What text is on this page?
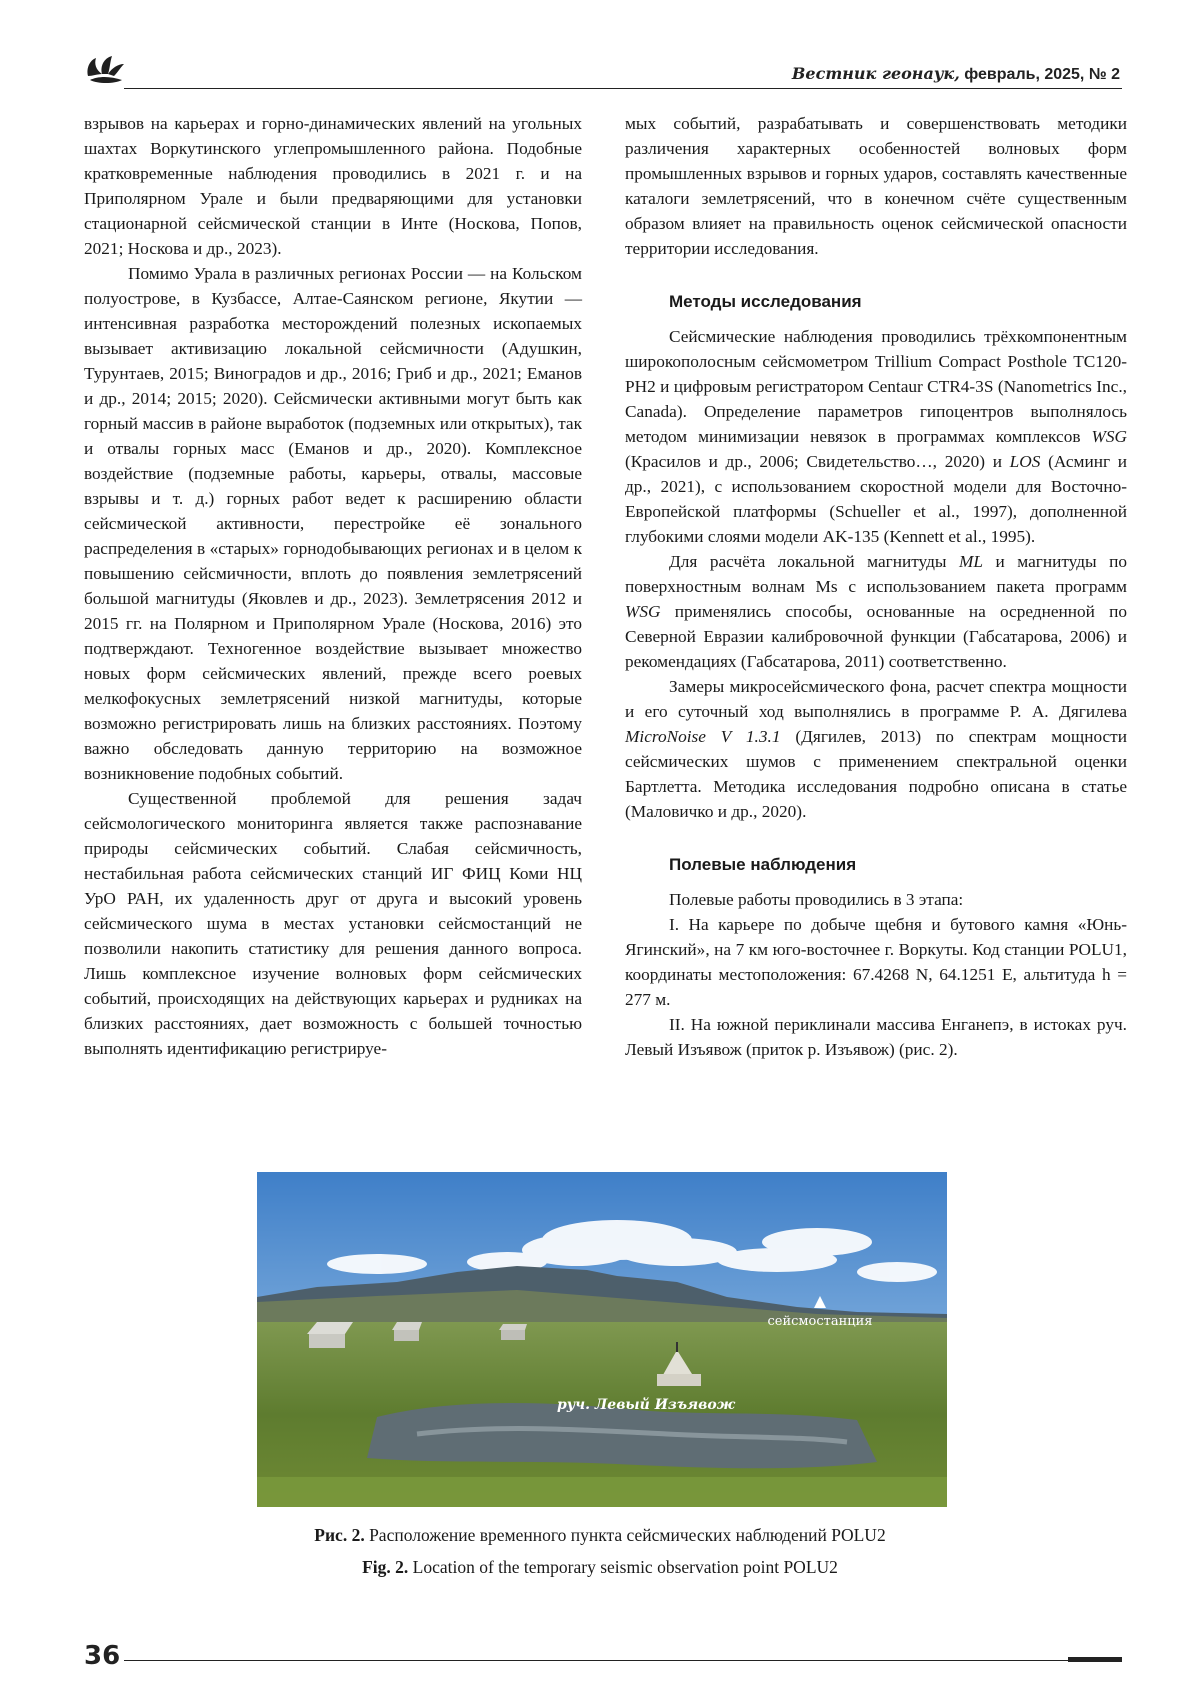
Вестник геонаук, февраль, 2025, № 2

взрывов на карьерах и горно-динамических явлений на угольных шахтах Воркутинского углепромышленного района. Подобные кратковременные наблюдения проводились в 2021 г. и на Приполярном Урале и были предваряющими для установки стационарной сейсмической станции в Инте (Носкова, Попов, 2021; Носкова и др., 2023).

Помимо Урала в различных регионах России — на Кольском полуострове, в Кузбассе, Алтае-Саянском регионе, Якутии — интенсивная разработка месторождений полезных ископаемых вызывает активизацию локальной сейсмичности (Адушкин, Турунтаев, 2015; Виноградов и др., 2016; Гриб и др., 2021; Еманов и др., 2014; 2015; 2020). Сейсмически активными могут быть как горный массив в районе выработок (подземных или открытых), так и отвалы горных масс (Еманов и др., 2020). Комплексное воздействие (подземные работы, карьеры, отвалы, массовые взрывы и т. д.) горных работ ведет к расширению области сейсмической активности, перестройке её зонального распределения в «старых» горнодобывающих регионах и в целом к повышению сейсмичности, вплоть до появления землетрясений большой магнитуды (Яковлев и др., 2023). Землетрясения 2012 и 2015 гг. на Полярном и Приполярном Урале (Носкова, 2016) это подтверждают. Техногенное воздействие вызывает множество новых форм сейсмических явлений, прежде всего роевых мелкофокусных землетрясений низкой магнитуды, которые возможно регистрировать лишь на близких расстояниях. Поэтому важно обследовать данную территорию на возможное возникновение подобных событий.

Существенной проблемой для решения задач сейсмологического мониторинга является также распознавание природы сейсмических событий. Слабая сейсмичность, нестабильная работа сейсмических станций ИГ ФИЦ Коми НЦ УрО РАН, их удаленность друг от друга и высокий уровень сейсмического шума в местах установки сейсмостанций не позволили накопить статистику для решения данного вопроса. Лишь комплексное изучение волновых форм сейсмических событий, происходящих на действующих карьерах и рудниках на близких расстояниях, дает возможность с большей точностью выполнять идентификацию регистрируе-

мых событий, разрабатывать и совершенствовать методики различения характерных особенностей волновых форм промышленных взрывов и горных ударов, составлять качественные каталоги землетрясений, что в конечном счёте существенным образом влияет на правильность оценок сейсмической опасности территории исследования.

Методы исследования

Сейсмические наблюдения проводились трёхкомпонентным широкополосным сейсмометром Trillium Compact Posthole TC120-PH2 и цифровым регистратором Centaur CTR4-3S (Nanometrics Inc., Canada). Определение параметров гипоцентров выполнялось методом минимизации невязок в программах комплексов WSG (Красилов и др., 2006; Свидетельство…, 2020) и LOS (Асминг и др., 2021), с использованием скоростной модели для Восточно-Европейской платформы (Schueller et al., 1997), дополненной глубокими слоями модели AK-135 (Kennett et al., 1995).

Для расчёта локальной магнитуды ML и магнитуды по поверхностным волнам Ms с использованием пакета программ WSG применялись способы, основанные на осредненной по Северной Евразии калибровочной функции (Габсатарова, 2006) и рекомендациях (Габсатарова, 2011) соответственно.

Замеры микросейсмического фона, расчет спектра мощности и его суточный ход выполнялись в программе Р. А. Дягилева MicroNoise V 1.3.1 (Дягилев, 2013) по спектрам мощности сейсмических шумов с применением спектральной оценки Бартлетта. Методика исследования подробно описана в статье (Маловичко и др., 2020).

Полевые наблюдения

Полевые работы проводились в 3 этапа:

I. На карьере по добыче щебня и бутового камня «Юнь-Ягинский», на 7 км юго-восточнее г. Воркуты. Код станции POLU1, координаты местоположения: 67.4268 N, 64.1251 E, альтитуда h = 277 м.

II. На южной периклинали массива Енганепэ, в истоках руч. Левый Изъявож (приток р. Изъявож) (рис. 2).

сейсмостанция
руч. Левый Изъявож
Рис. 2. Расположение временного пункта сейсмических наблюдений POLU2
Fig. 2. Location of the temporary seismic observation point POLU2
36
